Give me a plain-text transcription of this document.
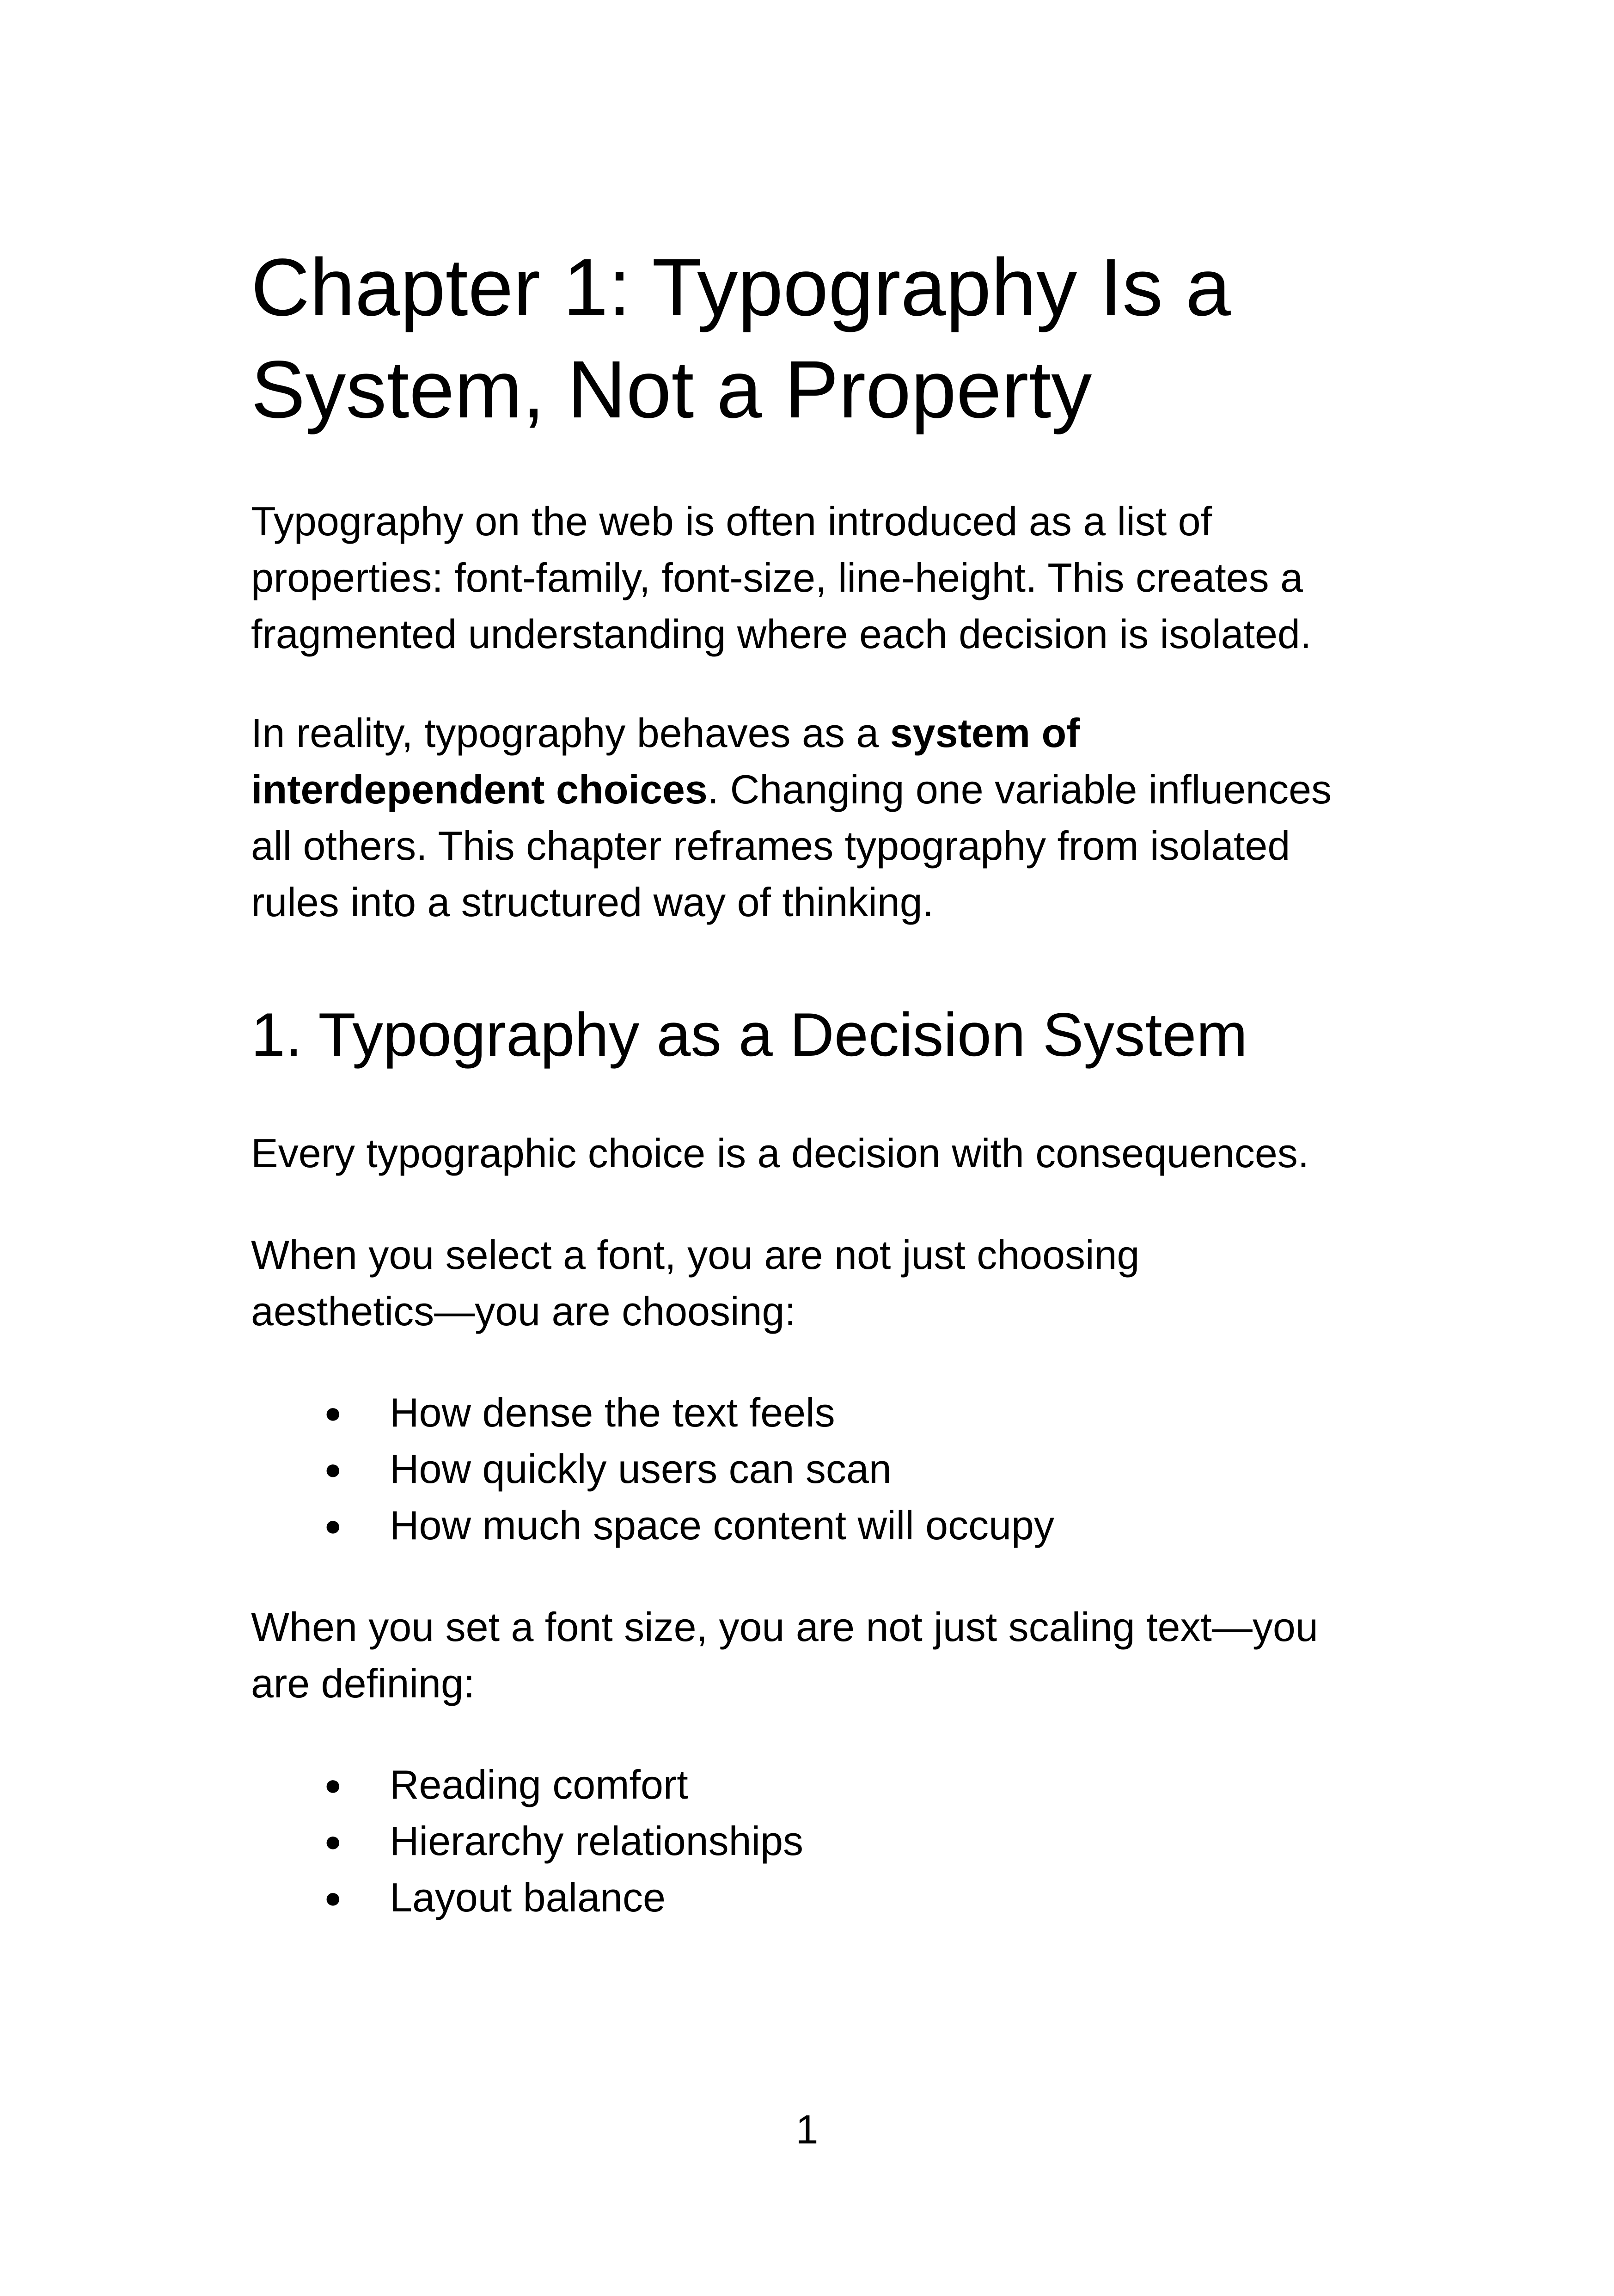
Chapter 1: Typography Is a
System, Not a Property

Typography on the web is often introduced as a list of
properties: font-family, font-size, line-height. This creates a
fragmented understanding where each decision is isolated.

In reality, typography behaves as a system of
interdependent choices. Changing one variable influences
all others. This chapter reframes typography from isolated
rules into a structured way of thinking.

1. Typography as a Decision System

Every typographic choice is a decision with consequences.

When you select a font, you are not just choosing
aesthetics—you are choosing:

● How dense the text feels
● How quickly users can scan
● How much space content will occupy

When you set a font size, you are not just scaling text—you
are defining:

● Reading comfort
● Hierarchy relationships
● Layout balance
1
